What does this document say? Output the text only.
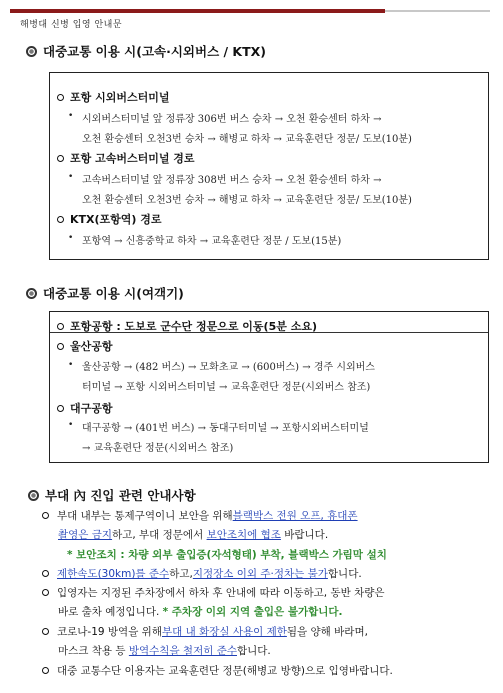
해병대 신병 입영 안내문
대중교통 이용 시(고속·시외버스 / KTX)
포항 시외버스터미널
• 시외버스터미널 앞 정류장 306번 버스 승차 → 오천 환승센터 하차 →
오천 환승센터 오천3번 승차 → 해병교 하차 → 교육훈련단 정문/ 도보(10분)
포항 고속버스터미널 경로
• 고속버스터미널 앞 정류장 308번 버스 승차 → 오천 환승센터 하차 →
오천 환승센터 오천3번 승차 → 해병교 하차 → 교육훈련단 정문/ 도보(10분)
KTX(포항역) 경로
• 포항역 → 신흥중학교 하차 → 교육훈련단 정문 / 도보(15분)
대중교통 이용 시(여객기)
포항공항 : 도보로 군수단 정문으로 이동(5분 소요)
울산공항
• 울산공항 → (482 버스) → 모화초교 → (600버스) → 경주 시외버스
터미널 → 포항 시외버스터미널 → 교육훈련단 정문(시외버스 참조)
대구공항
• 대구공항 → (401번 버스) → 동대구터미널 → 포항시외버스터미널
→ 교육훈련단 정문(시외버스 참조)
부대 內 진입 관련 안내사항
부대 내부는 통제구역이니 보안을 위해 블랙박스 전원 오프, 휴대폰
촬영은 금지하고, 부대 정문에서 보안조치에 협조 바랍니다.
* 보안조치 : 차량 외부 출입증(자석형태) 부착, 블랙박스 가림막 설치
제한속도(30km)를 준수 하고, 지정장소 이외 주·정차는 불가 합니다.
입영자는 지정된 주차장에서 하차 후 안내에 따라 이동하고, 동반 차량은
바로 출차 예정입니다. * 주차장 이외 지역 출입은 불가합니다.
코로나-19 방역을 위해 부대 내 화장실 사용이 제한 됨을 양해 바라며,
마스크 착용 등 방역수칙을 철저히 준수합니다.
대중 교통수단 이용자는 교육훈련단 정문(해병교 방향)으로 입영바랍니다.
